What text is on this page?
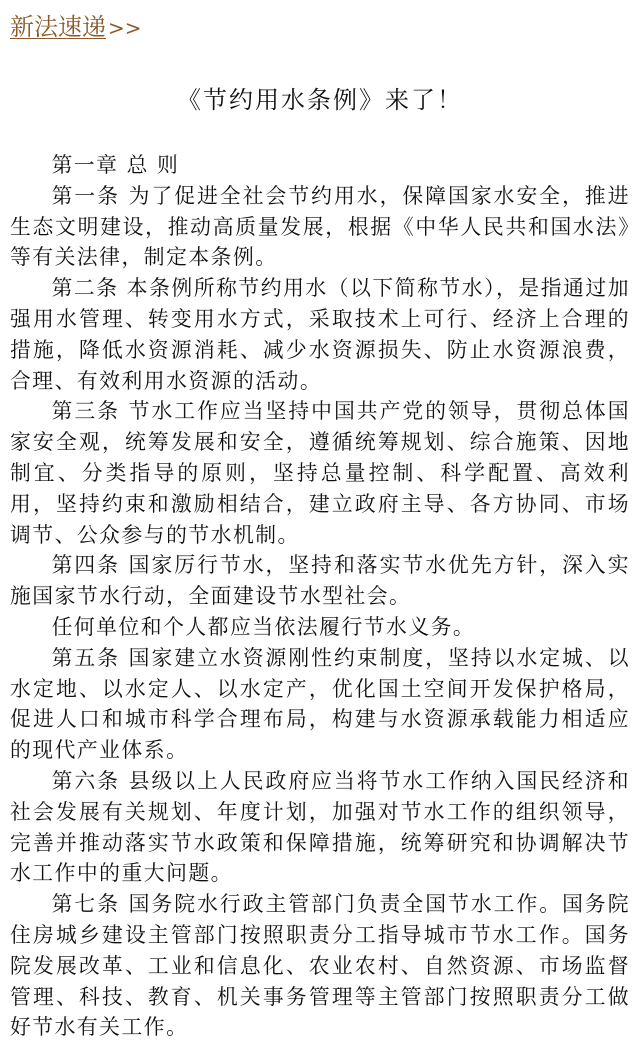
新法速递 >>
《节约用水条例》来了！

第一章 总 则

第一条 为了促进全社会节约用水，保障国家水安全，推进生态文明建设，推动高质量发展，根据《中华人民共和国水法》等有关法律，制定本条例。

第二条 本条例所称节约用水（以下简称节水），是指通过加强用水管理、转变用水方式，采取技术上可行、经济上合理的措施，降低水资源消耗、减少水资源损失、防止水资源浪费，合理、有效利用水资源的活动。

第三条 节水工作应当坚持中国共产党的领导，贯彻总体国家安全观，统筹发展和安全，遵循统筹规划、综合施策、因地制宜、分类指导的原则，坚持总量控制、科学配置、高效利用，坚持约束和激励相结合，建立政府主导、各方协同、市场调节、公众参与的节水机制。

第四条 国家厉行节水，坚持和落实节水优先方针，深入实施国家节水行动，全面建设节水型社会。

任何单位和个人都应当依法履行节水义务。

第五条 国家建立水资源刚性约束制度，坚持以水定城、以水定地、以水定人、以水定产，优化国土空间开发保护格局，促进人口和城市科学合理布局，构建与水资源承载能力相适应的现代产业体系。

第六条 县级以上人民政府应当将节水工作纳入国民经济和社会发展有关规划、年度计划，加强对节水工作的组织领导，完善并推动落实节水政策和保障措施，统筹研究和协调解决节水工作中的重大问题。

第七条 国务院水行政主管部门负责全国节水工作。国务院住房城乡建设主管部门按照职责分工指导城市节水工作。国务院发展改革、工业和信息化、农业农村、自然资源、市场监督管理、科技、教育、机关事务管理等主管部门按照职责分工做好节水有关工作。
